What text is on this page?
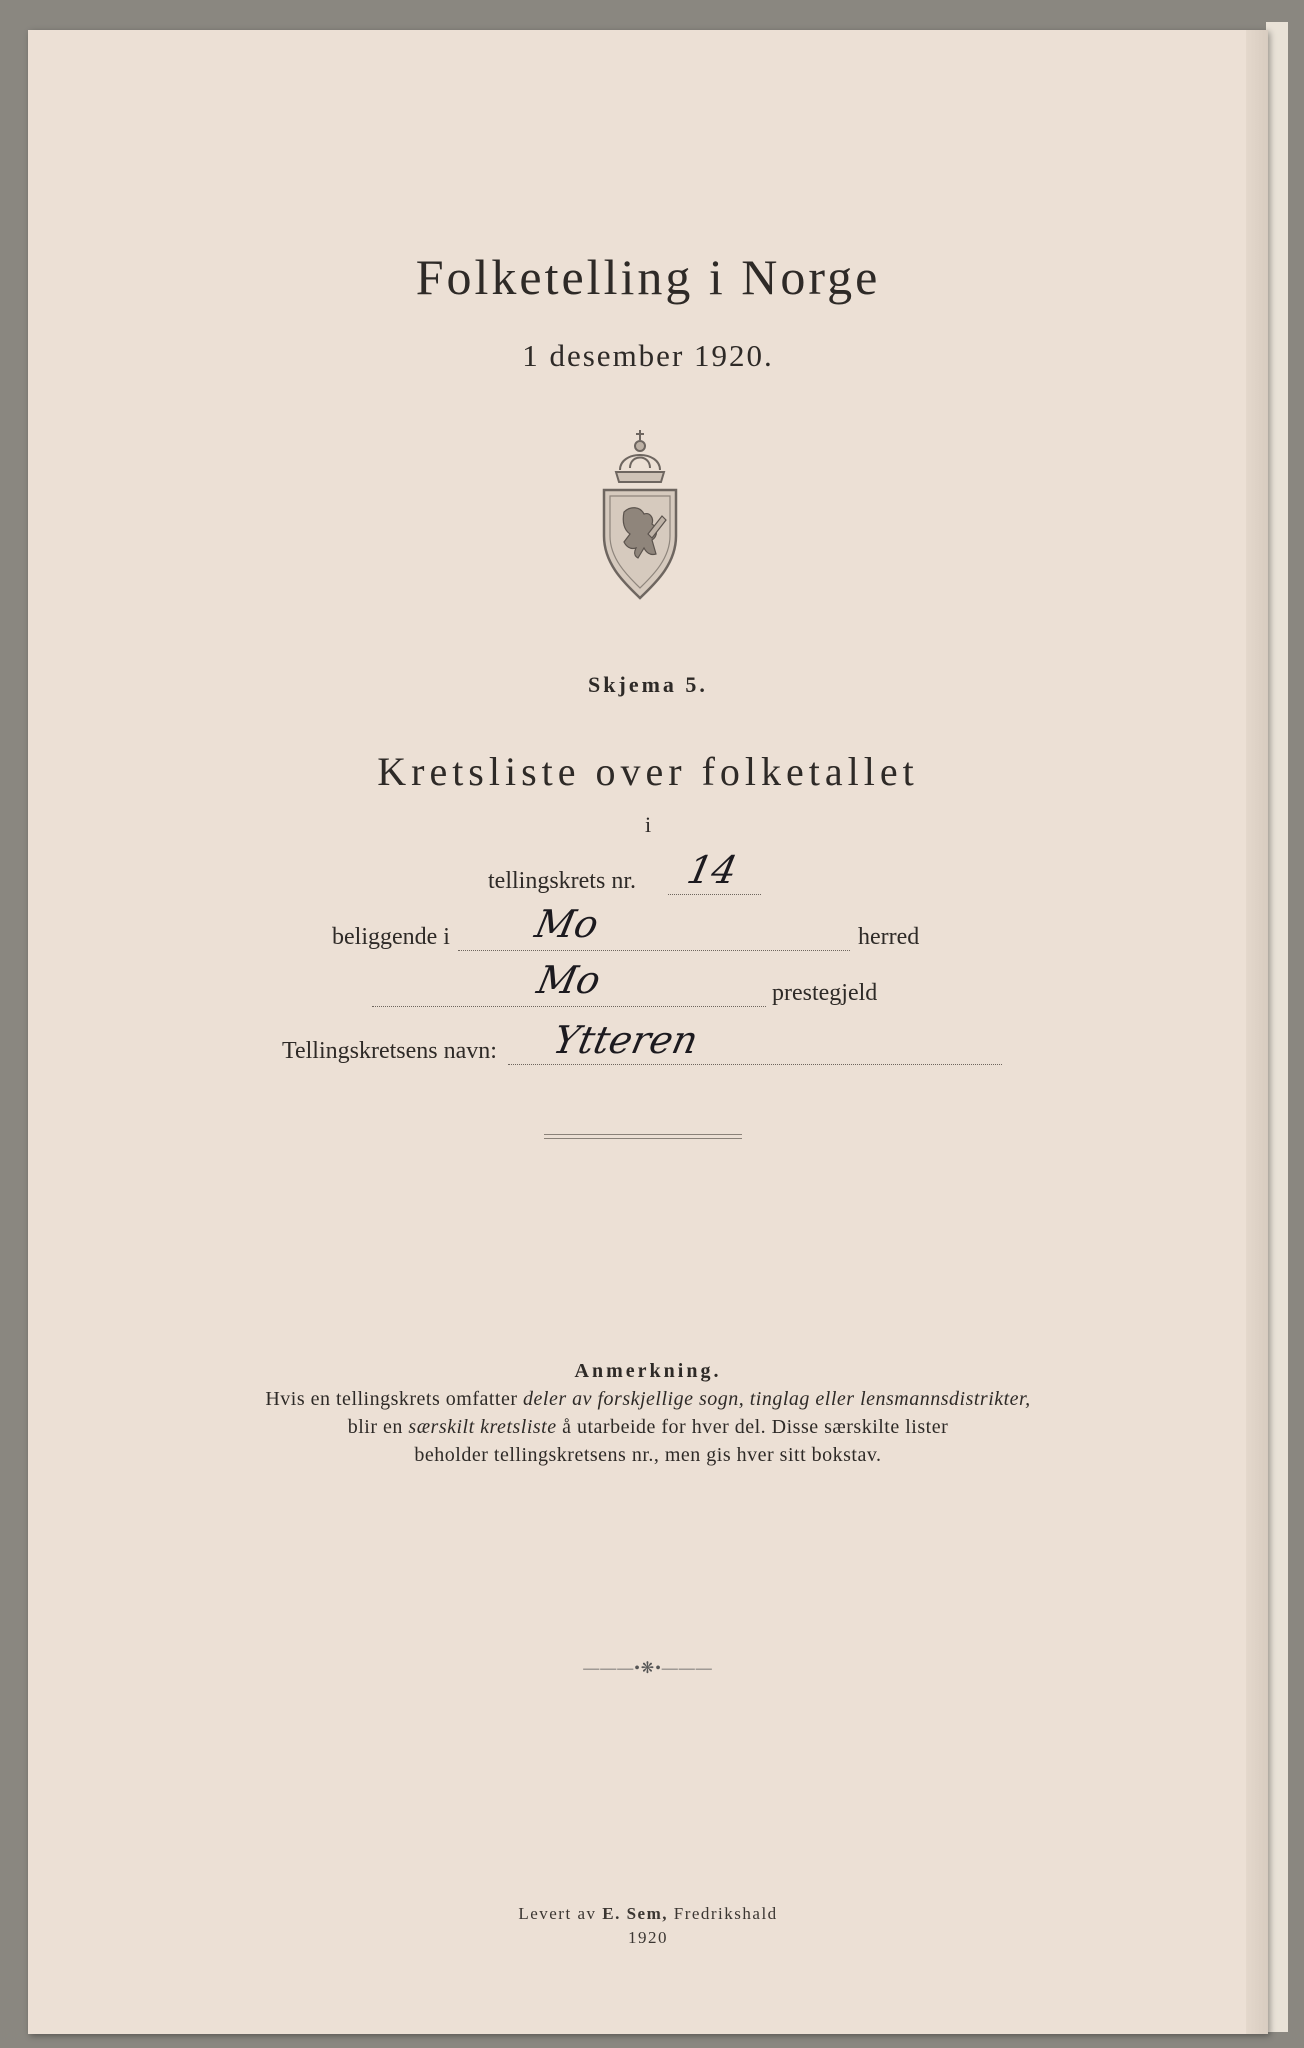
Folketelling i Norge
1 desember 1920.
Skjema 5.
Kretsliste over folketallet
i
tellingskrets nr. 14
beliggende i Mo	herred
Mo	prestegjeld
Tellingskretsens navn: Ytteren
Anmerkning.
Hvis en tellingskrets omfatter deler av forskjellige sogn, tinglag eller lensmannsdistrikter,
blir en særskilt kretsliste å utarbeide for hver del. Disse særskilte lister
beholder tellingskretsens nr., men gis hver sitt bokstav.
———•❋•———
Levert av E. Sem, Fredrikshald
1920
